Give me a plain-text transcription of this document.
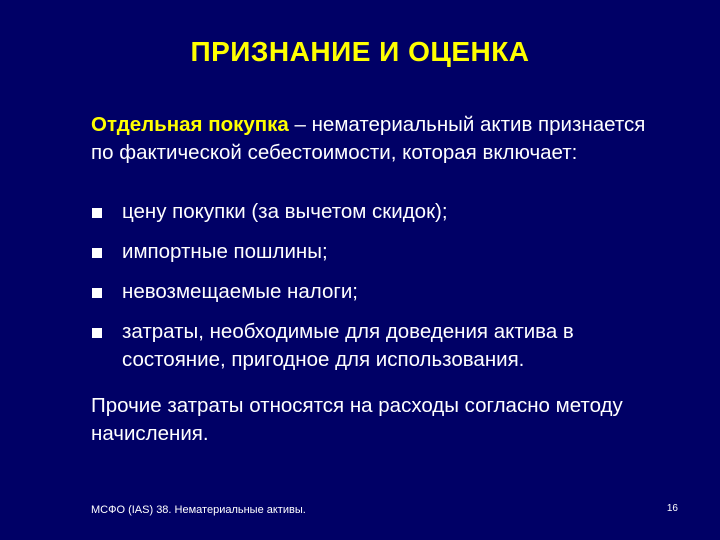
ПРИЗНАНИЕ И ОЦЕНКА
Отдельная покупка – нематериальный актив признается по фактической себестоимости, которая включает:
цену покупки (за вычетом скидок);
импортные пошлины;
невозмещаемые налоги;
затраты, необходимые для доведения актива в состояние, пригодное для использования.
Прочие затраты относятся на расходы согласно методу начисления.
МСФО (IAS) 38. Нематериальные активы.	16
